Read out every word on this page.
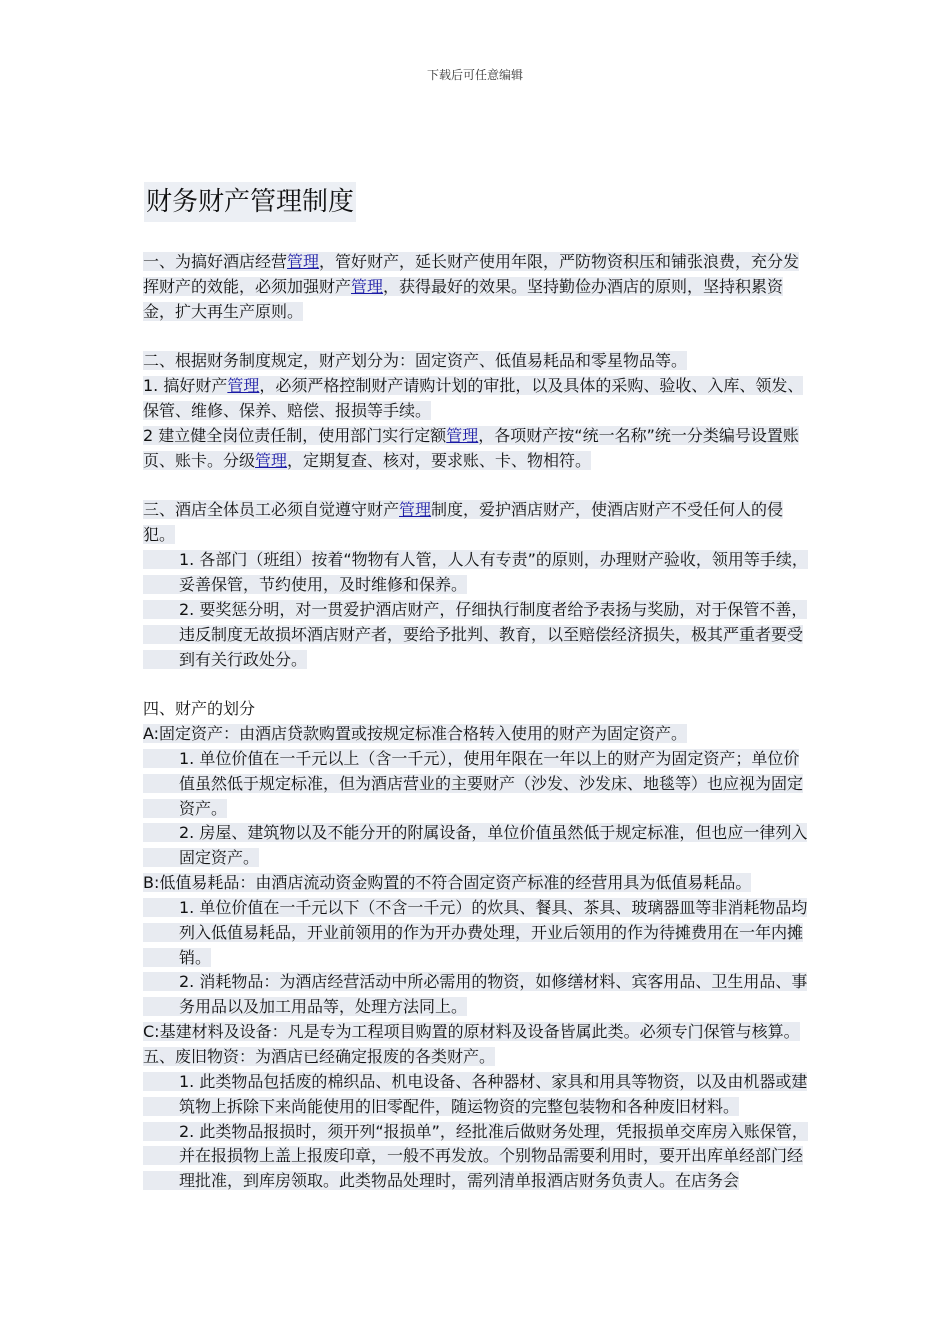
下载后可任意编辑
财务财产管理制度

一、为搞好酒店经营管理，管好财产，延长财产使用年限，严防物资积压和铺张浪费，充分发挥财产的效能，必须加强财产管理，获得最好的效果。坚持勤俭办酒店的原则，坚持积累资金，扩大再生产原则。

二、根据财务制度规定，财产划分为：固定资产、低值易耗品和零星物品等。

1. 搞好财产管理，必须严格控制财产请购计划的审批，以及具体的采购、验收、入库、领发、保管、维修、保养、赔偿、报损等手续。

2 建立健全岗位责任制，使用部门实行定额管理，各项财产按“统一名称”统一分类编号设置账页、账卡。分级管理，定期复查、核对，要求账、卡、物相符。

三、酒店全体员工必须自觉遵守财产管理制度，爱护酒店财产，使酒店财产不受任何人的侵犯。

1. 各部门（班组）按着“物物有人管，人人有专责”的原则，办理财产验收，领用等手续，妥善保管，节约使用，及时维修和保养。

2. 要奖惩分明，对一贯爱护酒店财产，仔细执行制度者给予表扬与奖励，对于保管不善，违反制度无故损坏酒店财产者，要给予批判、教育，以至赔偿经济损失，极其严重者要受到有关行政处分。

四、财产的划分

A:固定资产：由酒店贷款购置或按规定标准合格转入使用的财产为固定资产。

1. 单位价值在一千元以上（含一千元），使用年限在一年以上的财产为固定资产；单位价值虽然低于规定标准，但为酒店营业的主要财产（沙发、沙发床、地毯等）也应视为固定资产。

2. 房屋、建筑物以及不能分开的附属设备，单位价值虽然低于规定标准，但也应一律列入固定资产。

B:低值易耗品：由酒店流动资金购置的不符合固定资产标准的经营用具为低值易耗品。

1. 单位价值在一千元以下（不含一千元）的炊具、餐具、茶具、玻璃器皿等非消耗物品均列入低值易耗品，开业前领用的作为开办费处理，开业后领用的作为待摊费用在一年内摊销。

2. 消耗物品：为酒店经营活动中所必需用的物资，如修缮材料、宾客用品、卫生用品、事务用品以及加工用品等，处理方法同上。

C:基建材料及设备：凡是专为工程项目购置的原材料及设备皆属此类。必须专门保管与核算。

五、废旧物资：为酒店已经确定报废的各类财产。

1. 此类物品包括废的棉织品、机电设备、各种器材、家具和用具等物资，以及由机器或建筑物上拆除下来尚能使用的旧零配件，随运物资的完整包装物和各种废旧材料。

2. 此类物品报损时，须开列“报损单”，经批准后做财务处理，凭报损单交库房入账保管，并在报损物上盖上报废印章，一般不再发放。个别物品需要利用时，要开出库单经部门经理批准，到库房领取。此类物品处理时，需列清单报酒店财务负责人。在店务会
